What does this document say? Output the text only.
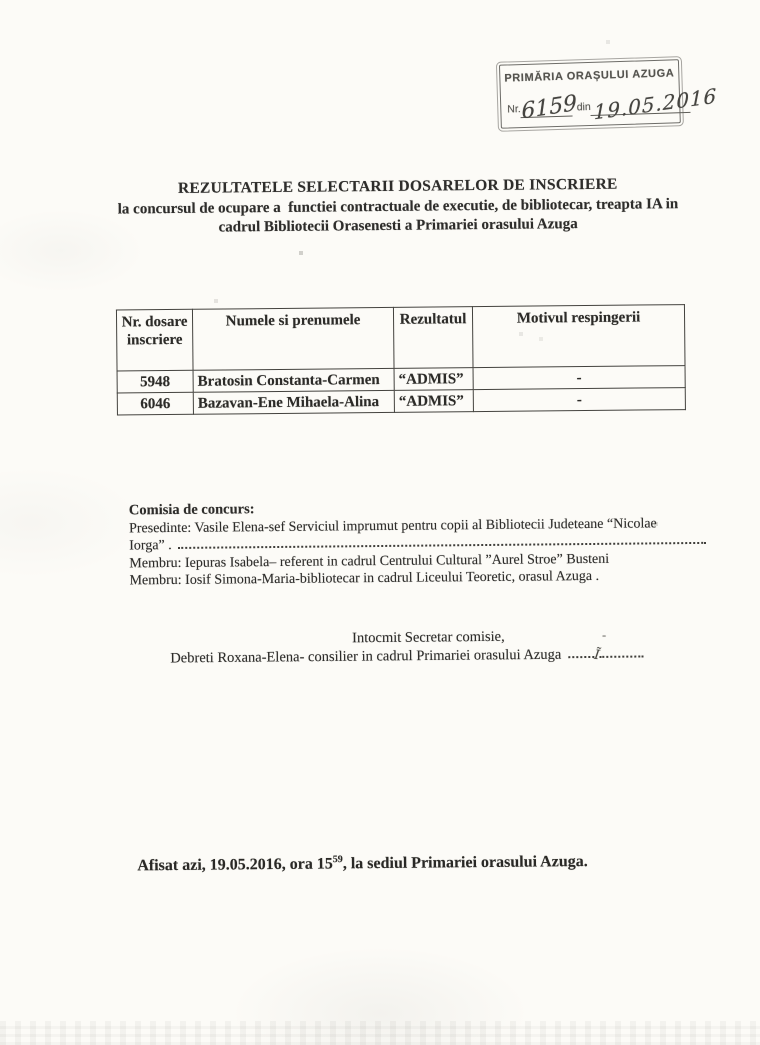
PRIMĂRIA ORAȘULUI AZUGA
Nr. 6159
din 19.05.2016
REZULTATELE SELECTARII DOSARELOR DE INSCRIERE
la concursul de ocupare a  functiei contractuale de executie, de bibliotecar, treapta IA in
cadrul Bibliotecii Orasenesti a Primariei orasului Azuga
Nr. dosare inscriere	Numele si prenumele	Rezultatul	Motivul respingerii
5948	Bratosin Constanta-Carmen	“ADMIS”	-
6046	Bazavan-Ene Mihaela-Alina	“ADMIS”	-
Comisia de concurs:
Presedinte: Vasile Elena-sef Serviciul imprumut pentru copii al Bibliotecii Judeteane “Nicolae
Iorga” .
Membru: Iepuras Isabela– referent in cadrul Centrului Cultural ”Aurel Stroe” Busteni
Membru: Iosif Simona-Maria-bibliotecar in cadrul Liceului Teoretic, orasul Azuga .
-
Intocmit Secretar comisie,
Debreti Roxana-Elena- consilier in cadrul Primariei orasului Azuga Ĩ
Afisat azi, 19.05.2016, ora $15^{59}$, la sediul Primariei orasului Azuga.
